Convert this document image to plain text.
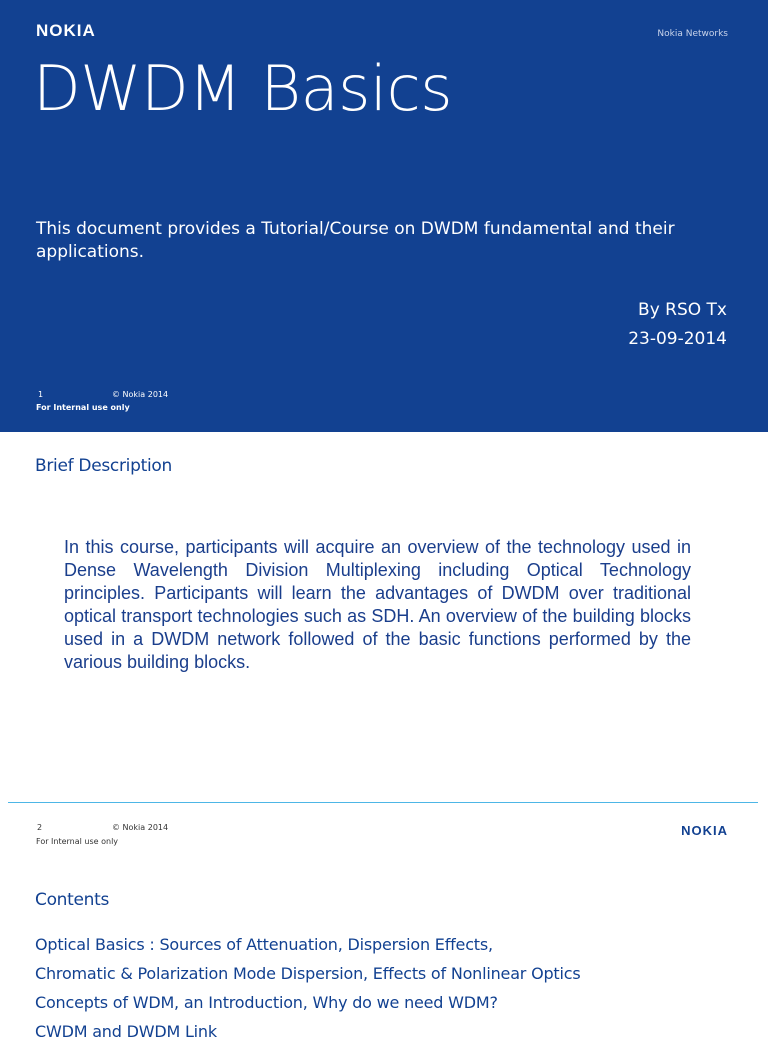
NOKIA	Nokia Networks
DWDM Basics
This document provides a Tutorial/Course on DWDM fundamental and their applications.
By RSO Tx
23-09-2014
1	© Nokia 2014
For Internal use only
Brief Description
In this course, participants will acquire an overview of the technology used in Dense Wavelength Division Multiplexing including Optical Technology principles. Participants will learn the advantages of DWDM over traditional optical transport technologies such as SDH. An overview of the building blocks used in a DWDM network followed of the basic functions performed by the various building blocks.
2	© Nokia 2014
For Internal use only
NOKIA
Contents
Optical Basics : Sources of Attenuation, Dispersion Effects,
Chromatic & Polarization Mode Dispersion, Effects of Nonlinear Optics
Concepts of WDM, an Introduction, Why do we need WDM?
CWDM and DWDM Link
